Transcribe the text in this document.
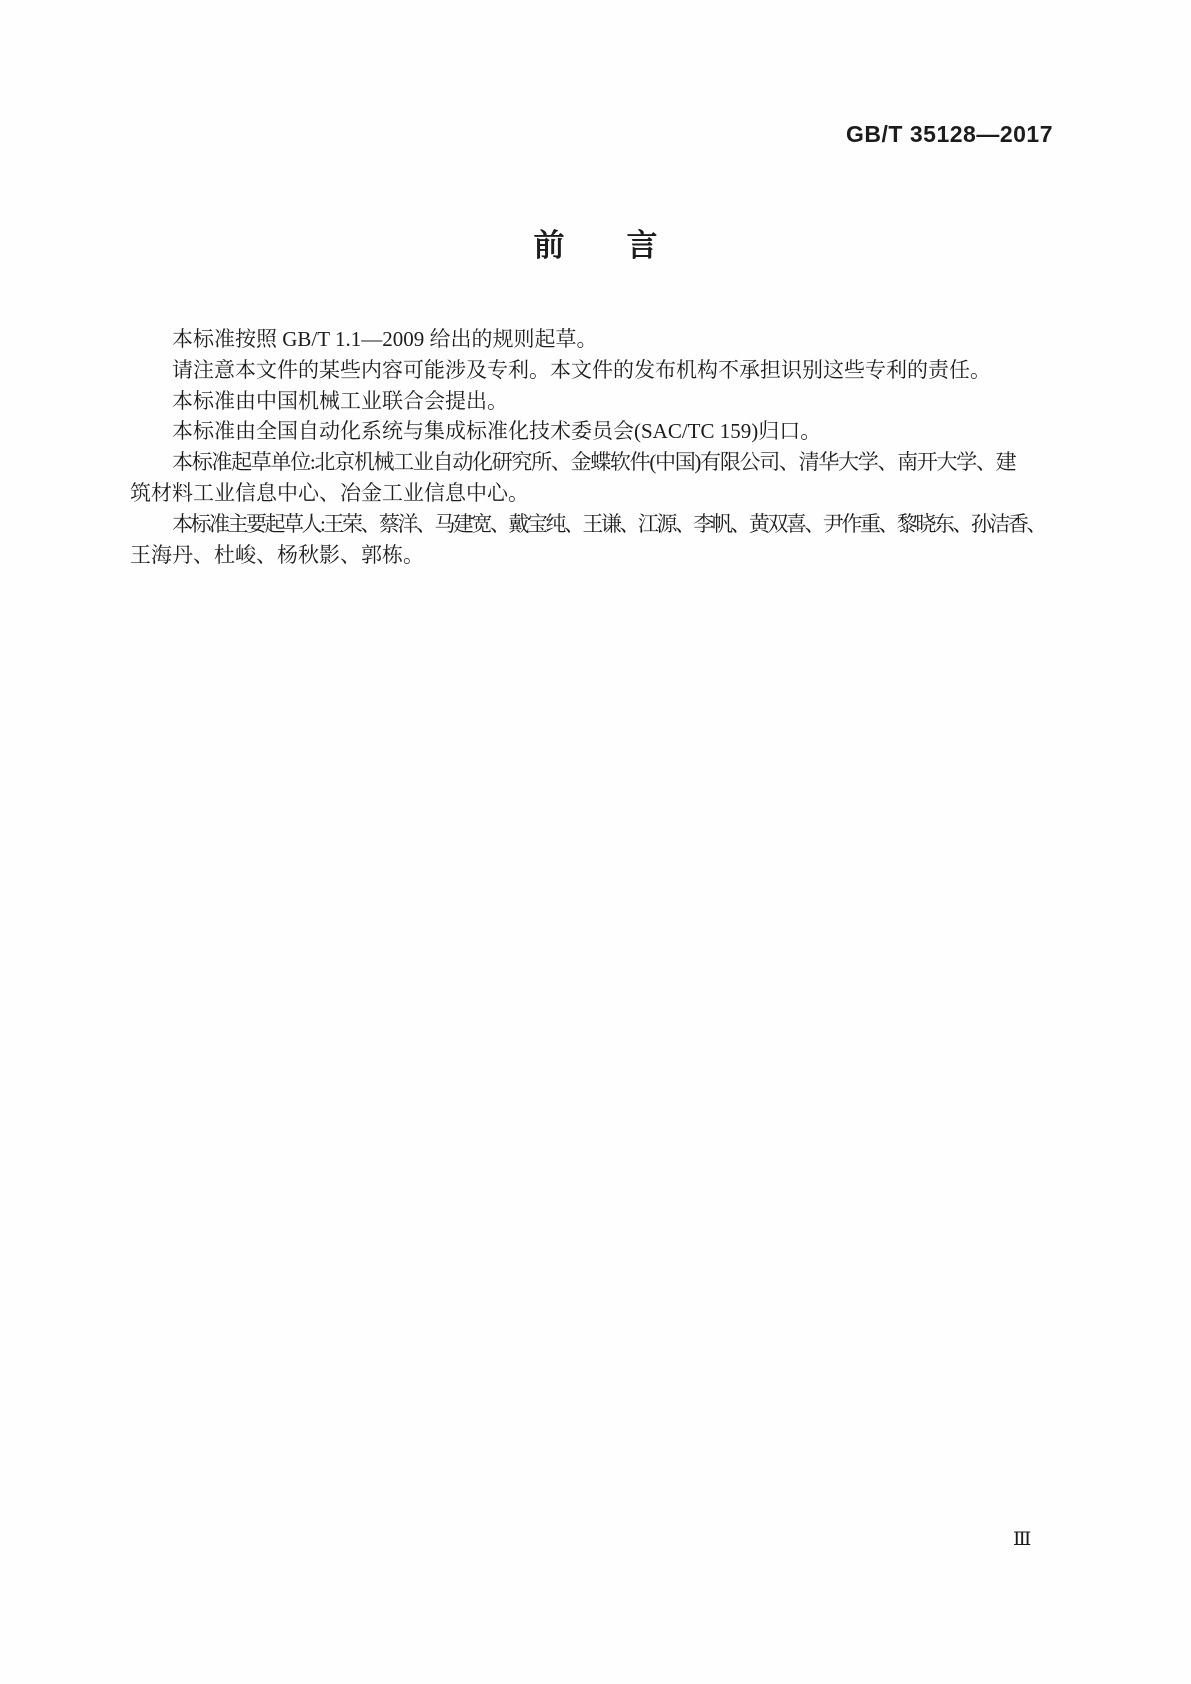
GB/T 35128—2017
前　　言
本标准按照 GB/T 1.1—2009 给出的规则起草。
请注意本文件的某些内容可能涉及专利。本文件的发布机构不承担识别这些专利的责任。
本标准由中国机械工业联合会提出。
本标准由全国自动化系统与集成标准化技术委员会(SAC/TC 159)归口。
本标准起草单位:北京机械工业自动化研究所、金蝶软件(中国)有限公司、清华大学、南开大学、建
筑材料工业信息中心、冶金工业信息中心。
本标准主要起草人:王荣、蔡洋、马建宽、戴宝纯、王谦、江源、李帆、黄双喜、尹作重、黎晓东、孙洁香、
王海丹、杜峻、杨秋影、郭栋。
Ⅲ
